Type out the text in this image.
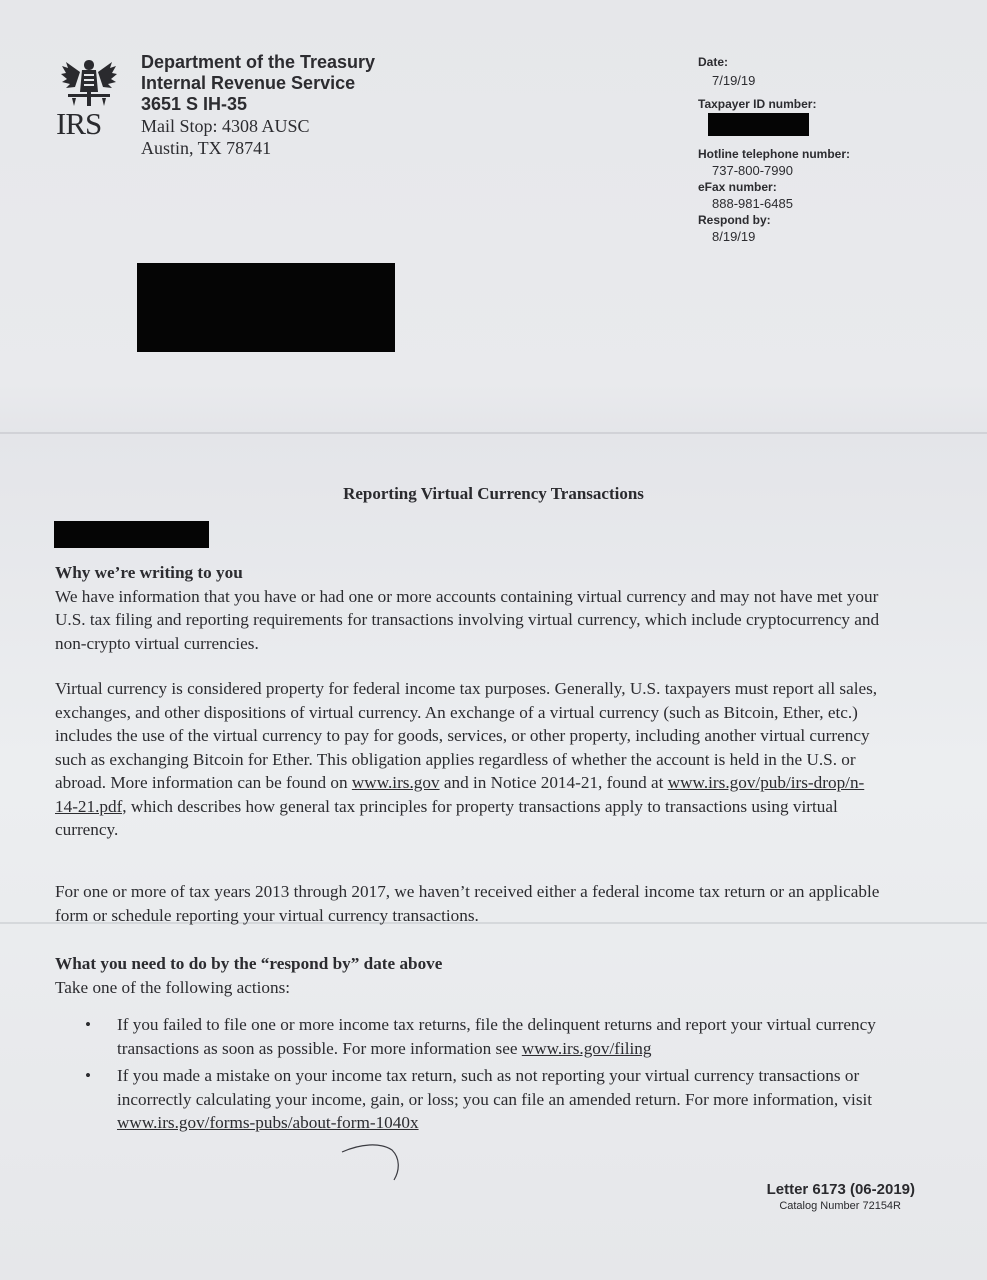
IRS
Department of the Treasury
Internal Revenue Service
3651 S IH-35
Mail Stop: 4308 AUSC
Austin, TX 78741
Date:
7/19/19
Taxpayer ID number:
Hotline telephone number:
737-800-7990
eFax number:
888-981-6485
Respond by:
8/19/19
Reporting Virtual Currency Transactions
Why we’re writing to you

We have information that you have or had one or more accounts containing virtual currency and may not have met your U.S. tax filing and reporting requirements for transactions involving virtual currency, which include cryptocurrency and non-crypto virtual currencies.

Virtual currency is considered property for federal income tax purposes. Generally, U.S. taxpayers must report all sales, exchanges, and other dispositions of virtual currency. An exchange of a virtual currency (such as Bitcoin, Ether, etc.) includes the use of the virtual currency to pay for goods, services, or other property, including another virtual currency such as exchanging Bitcoin for Ether. This obligation applies regardless of whether the account is held in the U.S. or abroad. More information can be found on www.irs.gov and in Notice 2014-21, found at www.irs.gov/pub/irs-drop/n-14-21.pdf, which describes how general tax principles for property transactions apply to transactions using virtual currency.

For one or more of tax years 2013 through 2017, we haven’t received either a federal income tax return or an applicable form or schedule reporting your virtual currency transactions.

What you need to do by the “respond by” date above
Take one of the following actions:
• If you failed to file one or more income tax returns, file the delinquent returns and report your virtual currency transactions as soon as possible. For more information see www.irs.gov/filing
• If you made a mistake on your income tax return, such as not reporting your virtual currency transactions or incorrectly calculating your income, gain, or loss; you can file an amended return. For more information, visit www.irs.gov/forms-pubs/about-form-1040x
Letter 6173 (06-2019)
Catalog Number 72154R
